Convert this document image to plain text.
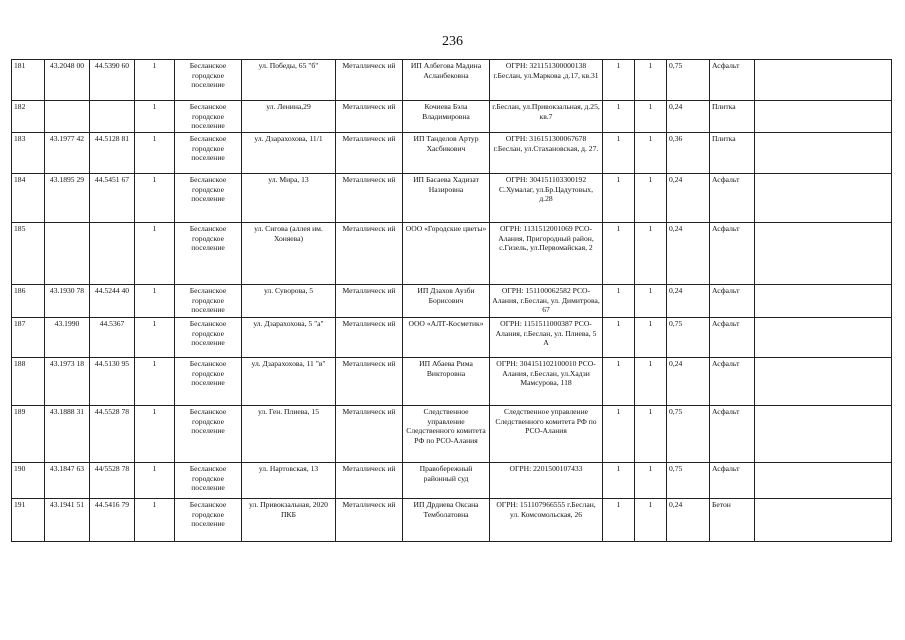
236
181	43.2048 00	44.5390 60	1	Бесланское городское поселение	ул. Победы, 65 "б"	Металлическ ий	ИП Албегова Мадина Асланбековна	ОГРН: 321151300000138 г.Беслан, ул.Маркова ,д.17, кв.31	1	1	0,75	Асфальт	
182			1	Бесланское городское поселение	ул. Ленина,29	Металлическ ий	Кочиева Бэла Владимировна	г.Беслан, ул.Привокзальная, д.25, кв.7	1	1	0,24	Плитка	
183	43.1977 42	44.5128 81	1	Бесланское городское поселение	ул. Дзарахохова, 11/1	Металлическ ий	ИП Танделов Артур Хасбикович	ОГРН: 316151300067678 г.Беслан, ул.Стахановская, д. 27.	1	1	0,36	Плитка	
184	43.1895 29	44.5451 67	1	Бесланское городское поселение	ул. Мира, 13	Металлическ ий	ИП Басаева Хадизат Назировна	ОГРН: 304151103300192 С.Хумалаг, ул.Бр.Цадутовых, д.28	1	1	0,24	Асфальт	
185			1	Бесланское городское поселение	ул. Сигова (аллея им. Хоняева)	Металлическ ий	ООО «Городские цветы»	ОГРН: 1131512001069 РСО-Алания, Пригородный район, с.Гизель, ул.Первомайская, 2	1	1	0,24	Асфальт	
186	43.1930 78	44.5244 40	1	Бесланское городское поселение	ул. Суворова, 5	Металлическ ий	ИП Дзахов Аузби Борисович	ОГРН: 151100062582 РСО-Алания, г.Беслан, ул. Димитрова, 67	1	1	0,24	Асфальт	
187	43.1990	44.5367	1	Бесланское городское поселение	ул. Дзарахохова, 5 "а"	Металлическ ий	ООО «АЛТ-Косметик»	ОГРН: 1151511000387 РСО-Алания, г.Беслан, ул. Плиева, 5 А	1	1	0,75	Асфальт	
188	43.1973 18	44.5130 95	1	Бесланское городское поселение	ул. Дзарахохова, 11 "в"	Металлическ ий	ИП Абаева Рима Викторовна	ОГРН: 304151102100010 РСО-Алания, г.Беслан, ул.Хадзи Мамсурова, 118	1	1	0,24	Асфальт	
189	43.1888 31	44.5528 78	1	Бесланское городское поселение	ул. Ген. Плиева, 15	Металлическ ий	Следственное управление Следственного комитета РФ по РСО-Алания	Следственное управление Следственного комитета РФ по РСО-Алания	1	1	0,75	Асфальт	
190	43.1847 63	44/5528 78	1	Бесланское городское поселение	ул. Нартовская, 13	Металлическ ий	Правобережный районный суд	ОГРН: 2201500107433	1	1	0,75	Асфальт	
191	43.1941 51	44.5416 79	1	Бесланское городское поселение	ул. Привокзальная, 2020 ПКБ	Металлическ ий	ИП Дрдиева Оксана Темболатовна	ОГРН: 151107966555 г.Беслан, ул. Комсомольская, 26	1	1	0,24	Бетон	
